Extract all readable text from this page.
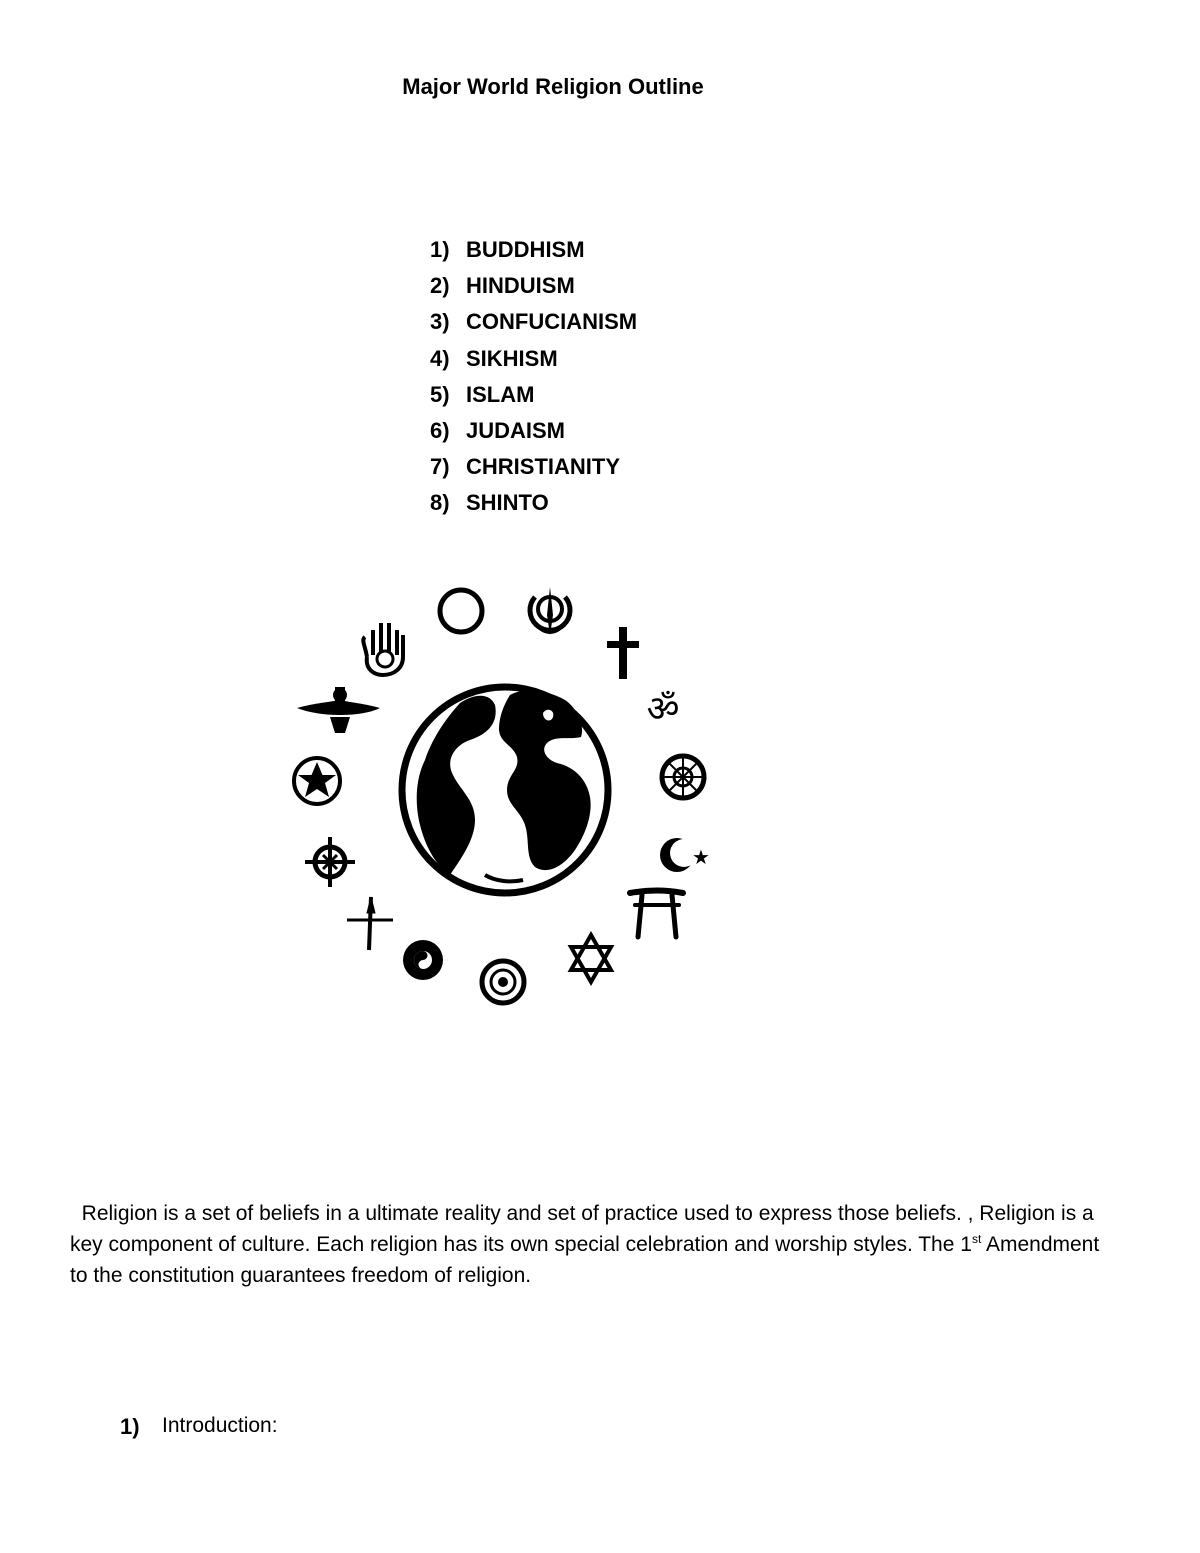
Major World Religion Outline
1) BUDDHISM
2) HINDUISM
3) CONFUCIANISM
4) SIKHISM
5) ISLAM
6) JUDAISM
7) CHRISTIANITY
8) SHINTO
ॐ
★

Religion is a set of beliefs in a ultimate reality and set of practice used to express those beliefs. , Religion is a key component of culture. Each religion has its own special celebration and worship styles. The 1st Amendment to the constitution guarantees freedom of religion.

1)	Introduction:
